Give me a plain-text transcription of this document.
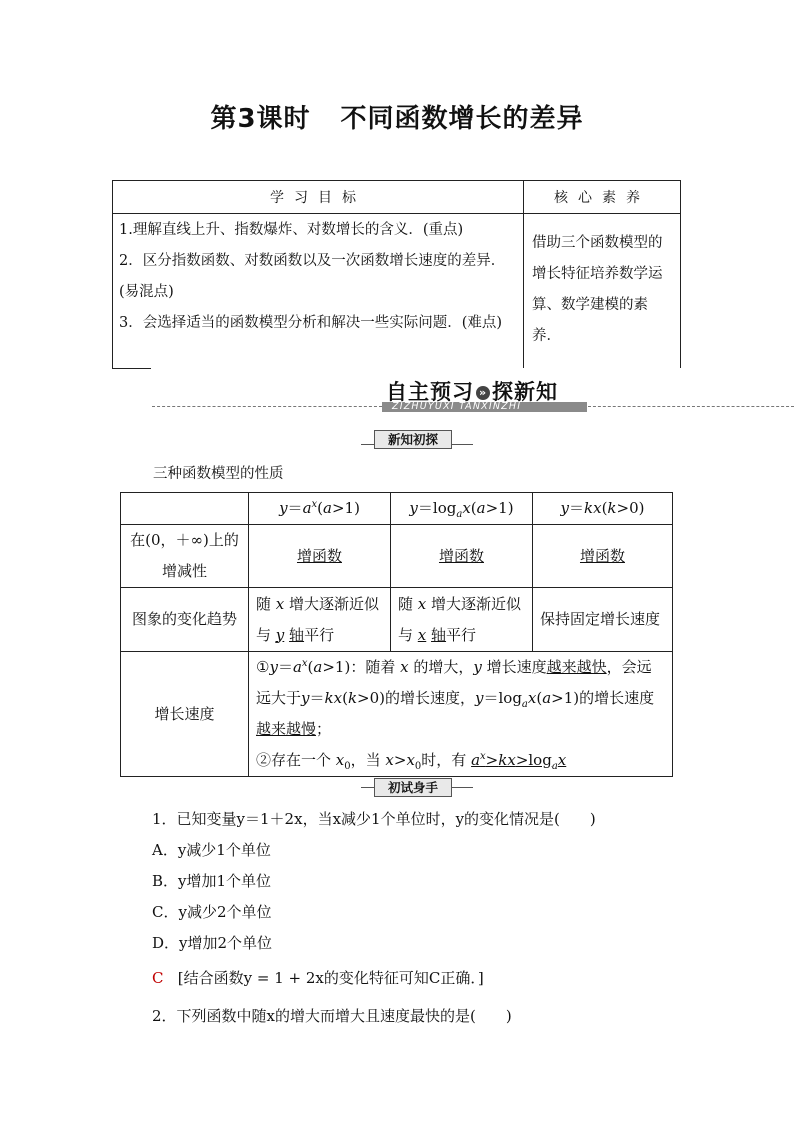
第3课时 不同函数增长的差异
学习目标	核心素养

1.理解直线上升、指数爆炸、对数增长的含义．(重点)
2．区分指数函数、对数函数以及一次函数增长速度的差异．(易混点)
3．会选择适当的函数模型分析和解决一些实际问题．(难点)	借助三个函数模型的增长特征培养数学运算、数学建模的素养．
自主预习 » 探新知
ZIZHUYUXI TANXINZHI
新知初探
三种函数模型的性质
	$y=a^x(a>1)$	$y=\log_ax(a>1)$	y＝kx(k>0)
在(0，＋∞)上的增减性	增函数	增函数	增函数
图象的变化趋势	随 x 增大逐渐近似与 y 轴平行	随 x 增大逐渐近似与 x 轴平行	保持固定增长速度
增长速度	$①y=a^x(a>1)$：随着 x 的增大，y 增长速度越来越快，会远远大于y＝kx(k>0)的增长速度，$y=\log_ax(a>1)$的增长速度越来越慢；
②存在一个 $x_0$，当 $x>x_0$时，有 $a^x>kx>\log_ax$		
初试身手
1．已知变量y＝1＋2x，当x减少1个单位时，y的变化情况是(　　)
A．y减少1个单位
B．y增加1个单位
C．y减少2个单位
D．y增加2个单位
C [结合函数y = 1 + 2x的变化特征可知C正确．]
2．下列函数中随x的增大而增大且速度最快的是(　　)
